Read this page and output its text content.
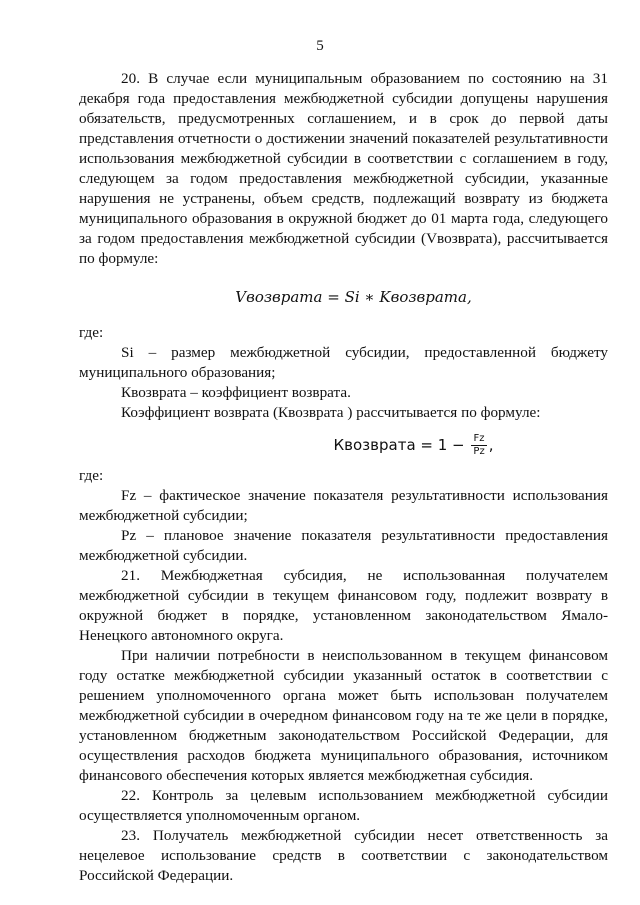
5

20. В случае если муниципальным образованием по состоянию на 31 декабря года предоставления межбюджетной субсидии допущены нарушения обязательств, предусмотренных соглашением, и в срок до первой даты представления отчетности о достижении значений показателей результативности использования межбюджетной субсидии в соответствии с соглашением в году, следующем за годом предоставления межбюджетной субсидии, указанные нарушения не устранены, объем средств, подлежащий возврату из бюджета муниципального образования в окружной бюджет до 01 марта года, следующего за годом предоставления межбюджетной субсидии (Vвозврата), рассчитывается по формуле:

Vвозврата = Si ∗ Kвозврата,

где:

Si – размер межбюджетной субсидии, предоставленной бюджету муниципального образования;

Квозврата – коэффициент возврата.

Коэффициент возврата (Квозврата ) рассчитывается по формуле:

Квозврата = $1 - \frac{Fz}{Pz}$ ,

где:

Fz – фактическое значение показателя результативности использования межбюджетной субсидии;

Pz – плановое значение показателя результативности предоставления межбюджетной субсидии.

21. Межбюджетная субсидия, не использованная получателем межбюджетной субсидии в текущем финансовом году, подлежит возврату в окружной бюджет в порядке, установленном законодательством Ямало-Ненецкого автономного округа.

При наличии потребности в неиспользованном в текущем финансовом году остатке межбюджетной субсидии указанный остаток в соответствии с решением уполномоченного органа может быть использован получателем межбюджетной субсидии в очередном финансовом году на те же цели в порядке, установленном бюджетным законодательством Российской Федерации, для осуществления расходов бюджета муниципального образования, источником финансового обеспечения которых является межбюджетная субсидия.

22. Контроль за целевым использованием межбюджетной субсидии осуществляется уполномоченным органом.

23. Получатель межбюджетной субсидии несет ответственность за нецелевое использование средств в соответствии с законодательством Российской Федерации.
